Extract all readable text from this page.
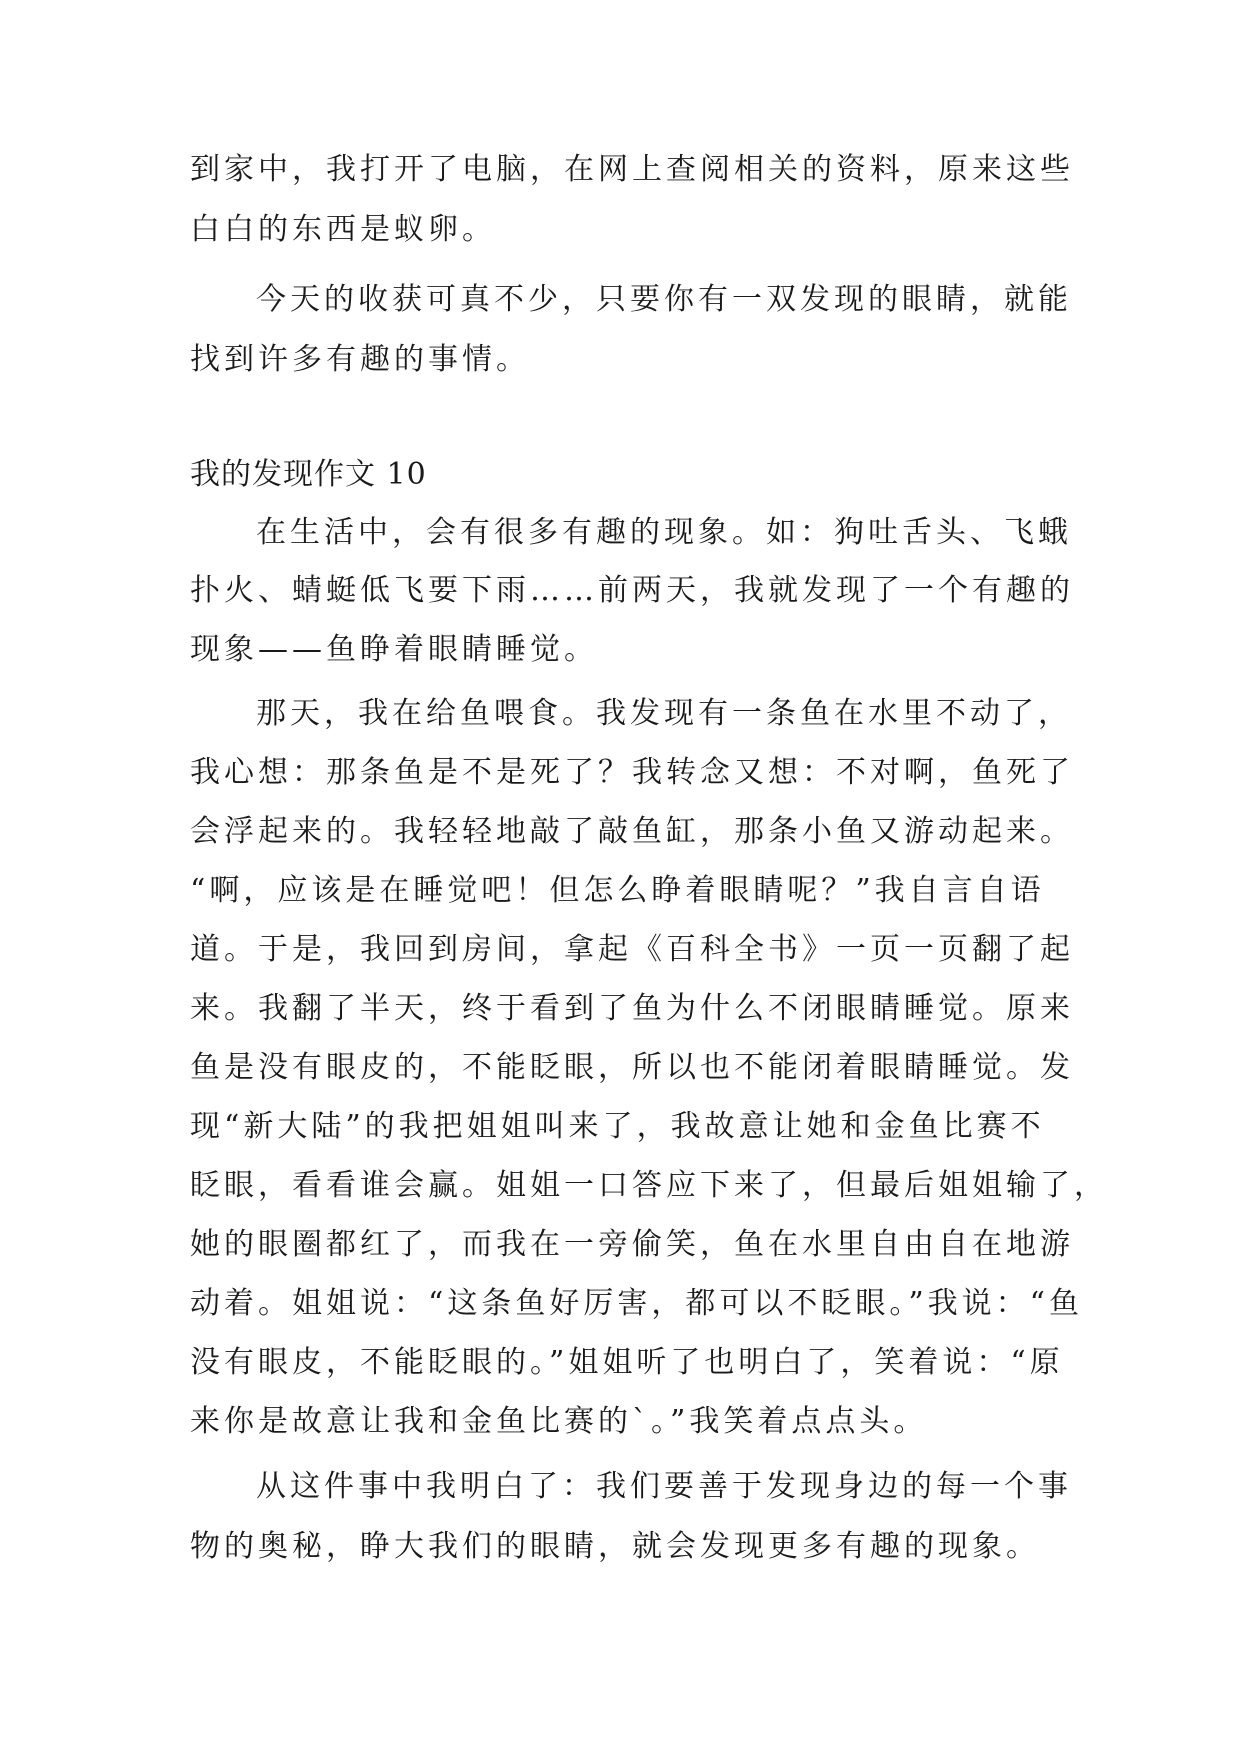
到家中，我打开了电脑，在网上查阅相关的资料，原来这些
白白的东西是蚁卵。
今天的收获可真不少，只要你有一双发现的眼睛，就能
找到许多有趣的事情。
我的发现作文 10
在生活中，会有很多有趣的现象。如：狗吐舌头、飞蛾
扑火、蜻蜓低飞要下雨……前两天，我就发现了一个有趣的
现象——鱼睁着眼睛睡觉。
那天，我在给鱼喂食。我发现有一条鱼在水里不动了，
我心想：那条鱼是不是死了？我转念又想：不对啊，鱼死了
会浮起来的。我轻轻地敲了敲鱼缸，那条小鱼又游动起来。
“啊，应该是在睡觉吧！但怎么睁着眼睛呢？”我自言自语
道。于是，我回到房间，拿起《百科全书》一页一页翻了起
来。我翻了半天，终于看到了鱼为什么不闭眼睛睡觉。原来
鱼是没有眼皮的，不能眨眼，所以也不能闭着眼睛睡觉。发
现“新大陆”的我把姐姐叫来了，我故意让她和金鱼比赛不
眨眼，看看谁会赢。姐姐一口答应下来了，但最后姐姐输了，
她的眼圈都红了，而我在一旁偷笑，鱼在水里自由自在地游
动着。姐姐说：“这条鱼好厉害，都可以不眨眼。”我说：“鱼
没有眼皮，不能眨眼的。”姐姐听了也明白了，笑着说：“原
来你是故意让我和金鱼比赛的`。”我笑着点点头。
从这件事中我明白了：我们要善于发现身边的每一个事
物的奥秘，睁大我们的眼睛，就会发现更多有趣的现象。
